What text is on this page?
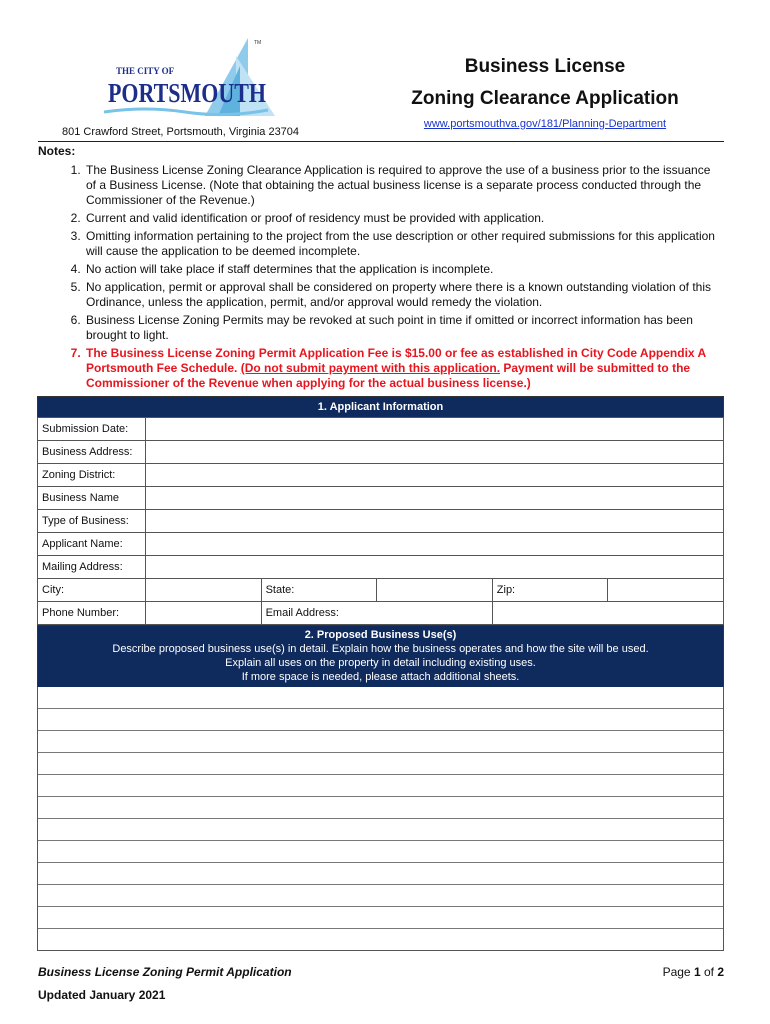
TM
THE CITY OF
PORTSMOUTH
Business License
Zoning Clearance Application
www.portsmouthva.gov/181/Planning-Department
801 Crawford Street, Portsmouth, Virginia 23704
Notes:
1. The Business License Zoning Clearance Application is required to approve the use of a business prior to the issuance of a Business License. (Note that obtaining the actual business license is a separate process conducted through the Commissioner of the Revenue.)
2. Current and valid identification or proof of residency must be provided with application.
3. Omitting information pertaining to the project from the use description or other required submissions for this application will cause the application to be deemed incomplete.
4. No action will take place if staff determines that the application is incomplete.
5. No application, permit or approval shall be considered on property where there is a known outstanding violation of this Ordinance, unless the application, permit, and/or approval would remedy the violation.
6. Business License Zoning Permits may be revoked at such point in time if omitted or incorrect information has been brought to light.
7. The Business License Zoning Permit Application Fee is $15.00 or fee as established in City Code Appendix A Portsmouth Fee Schedule. (Do not submit payment with this application. Payment will be submitted to the Commissioner of the Revenue when applying for the actual business license.)
1. Applicant Information
Submission Date:					
Business Address:					
Zoning District:					
Business Name					
Type of Business:					
Applicant Name:					
Mailing Address:					
City:		State:		Zip:	
Phone Number:		Email Address:			
2. Proposed Business Use(s)
Describe proposed business use(s) in detail. Explain how the business operates and how the site will be used.
Explain all uses on the property in detail including existing uses.
If more space is needed, please attach additional sheets.
Business License Zoning Permit Application
Updated January 2021
Page 1 of 2
